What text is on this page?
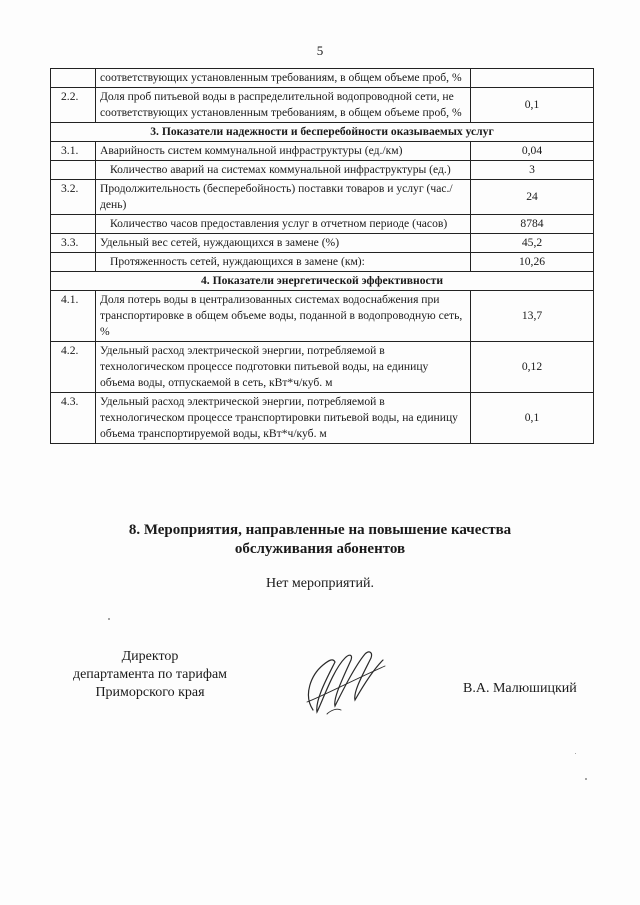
5
	соответствующих установленным требованиям, в общем объеме проб, %	
2.2.	Доля проб питьевой воды в распределительной водопроводной сети, не соответствующих установленным требованиям, в общем объеме проб, %	0,1
3. Показатели надежности и бесперебойности оказываемых услуг		
3.1.	Аварийность систем коммунальной инфраструктуры (ед./км)	0,04
	Количество аварий на системах коммунальной инфраструктуры (ед.)	3
3.2.	Продолжительность (бесперебойность) поставки товаров и услуг (час./день)	24
	Количество часов предоставления услуг в отчетном периоде (часов)	8784
3.3.	Удельный вес сетей, нуждающихся в замене (%)	45,2
	Протяженность сетей, нуждающихся в замене (км):	10,26
4. Показатели энергетической эффективности		
4.1.	Доля потерь воды в централизованных системах водоснабжения при транспортировке в общем объеме воды, поданной в водопроводную сеть, %	13,7
4.2.	Удельный расход электрической энергии, потребляемой в технологическом процессе подготовки питьевой воды, на единицу объема воды, отпускаемой в сеть, кВт*ч/куб. м	0,12
4.3.	Удельный расход электрической энергии, потребляемой в технологическом процессе транспортировки питьевой воды, на единицу объема транспортируемой воды, кВт*ч/куб. м	0,1
8. Мероприятия, направленные на повышение качества
обслуживания абонентов
Нет мероприятий.
Директор
департамента по тарифам
Приморского края	В.А. Малюшицкий
